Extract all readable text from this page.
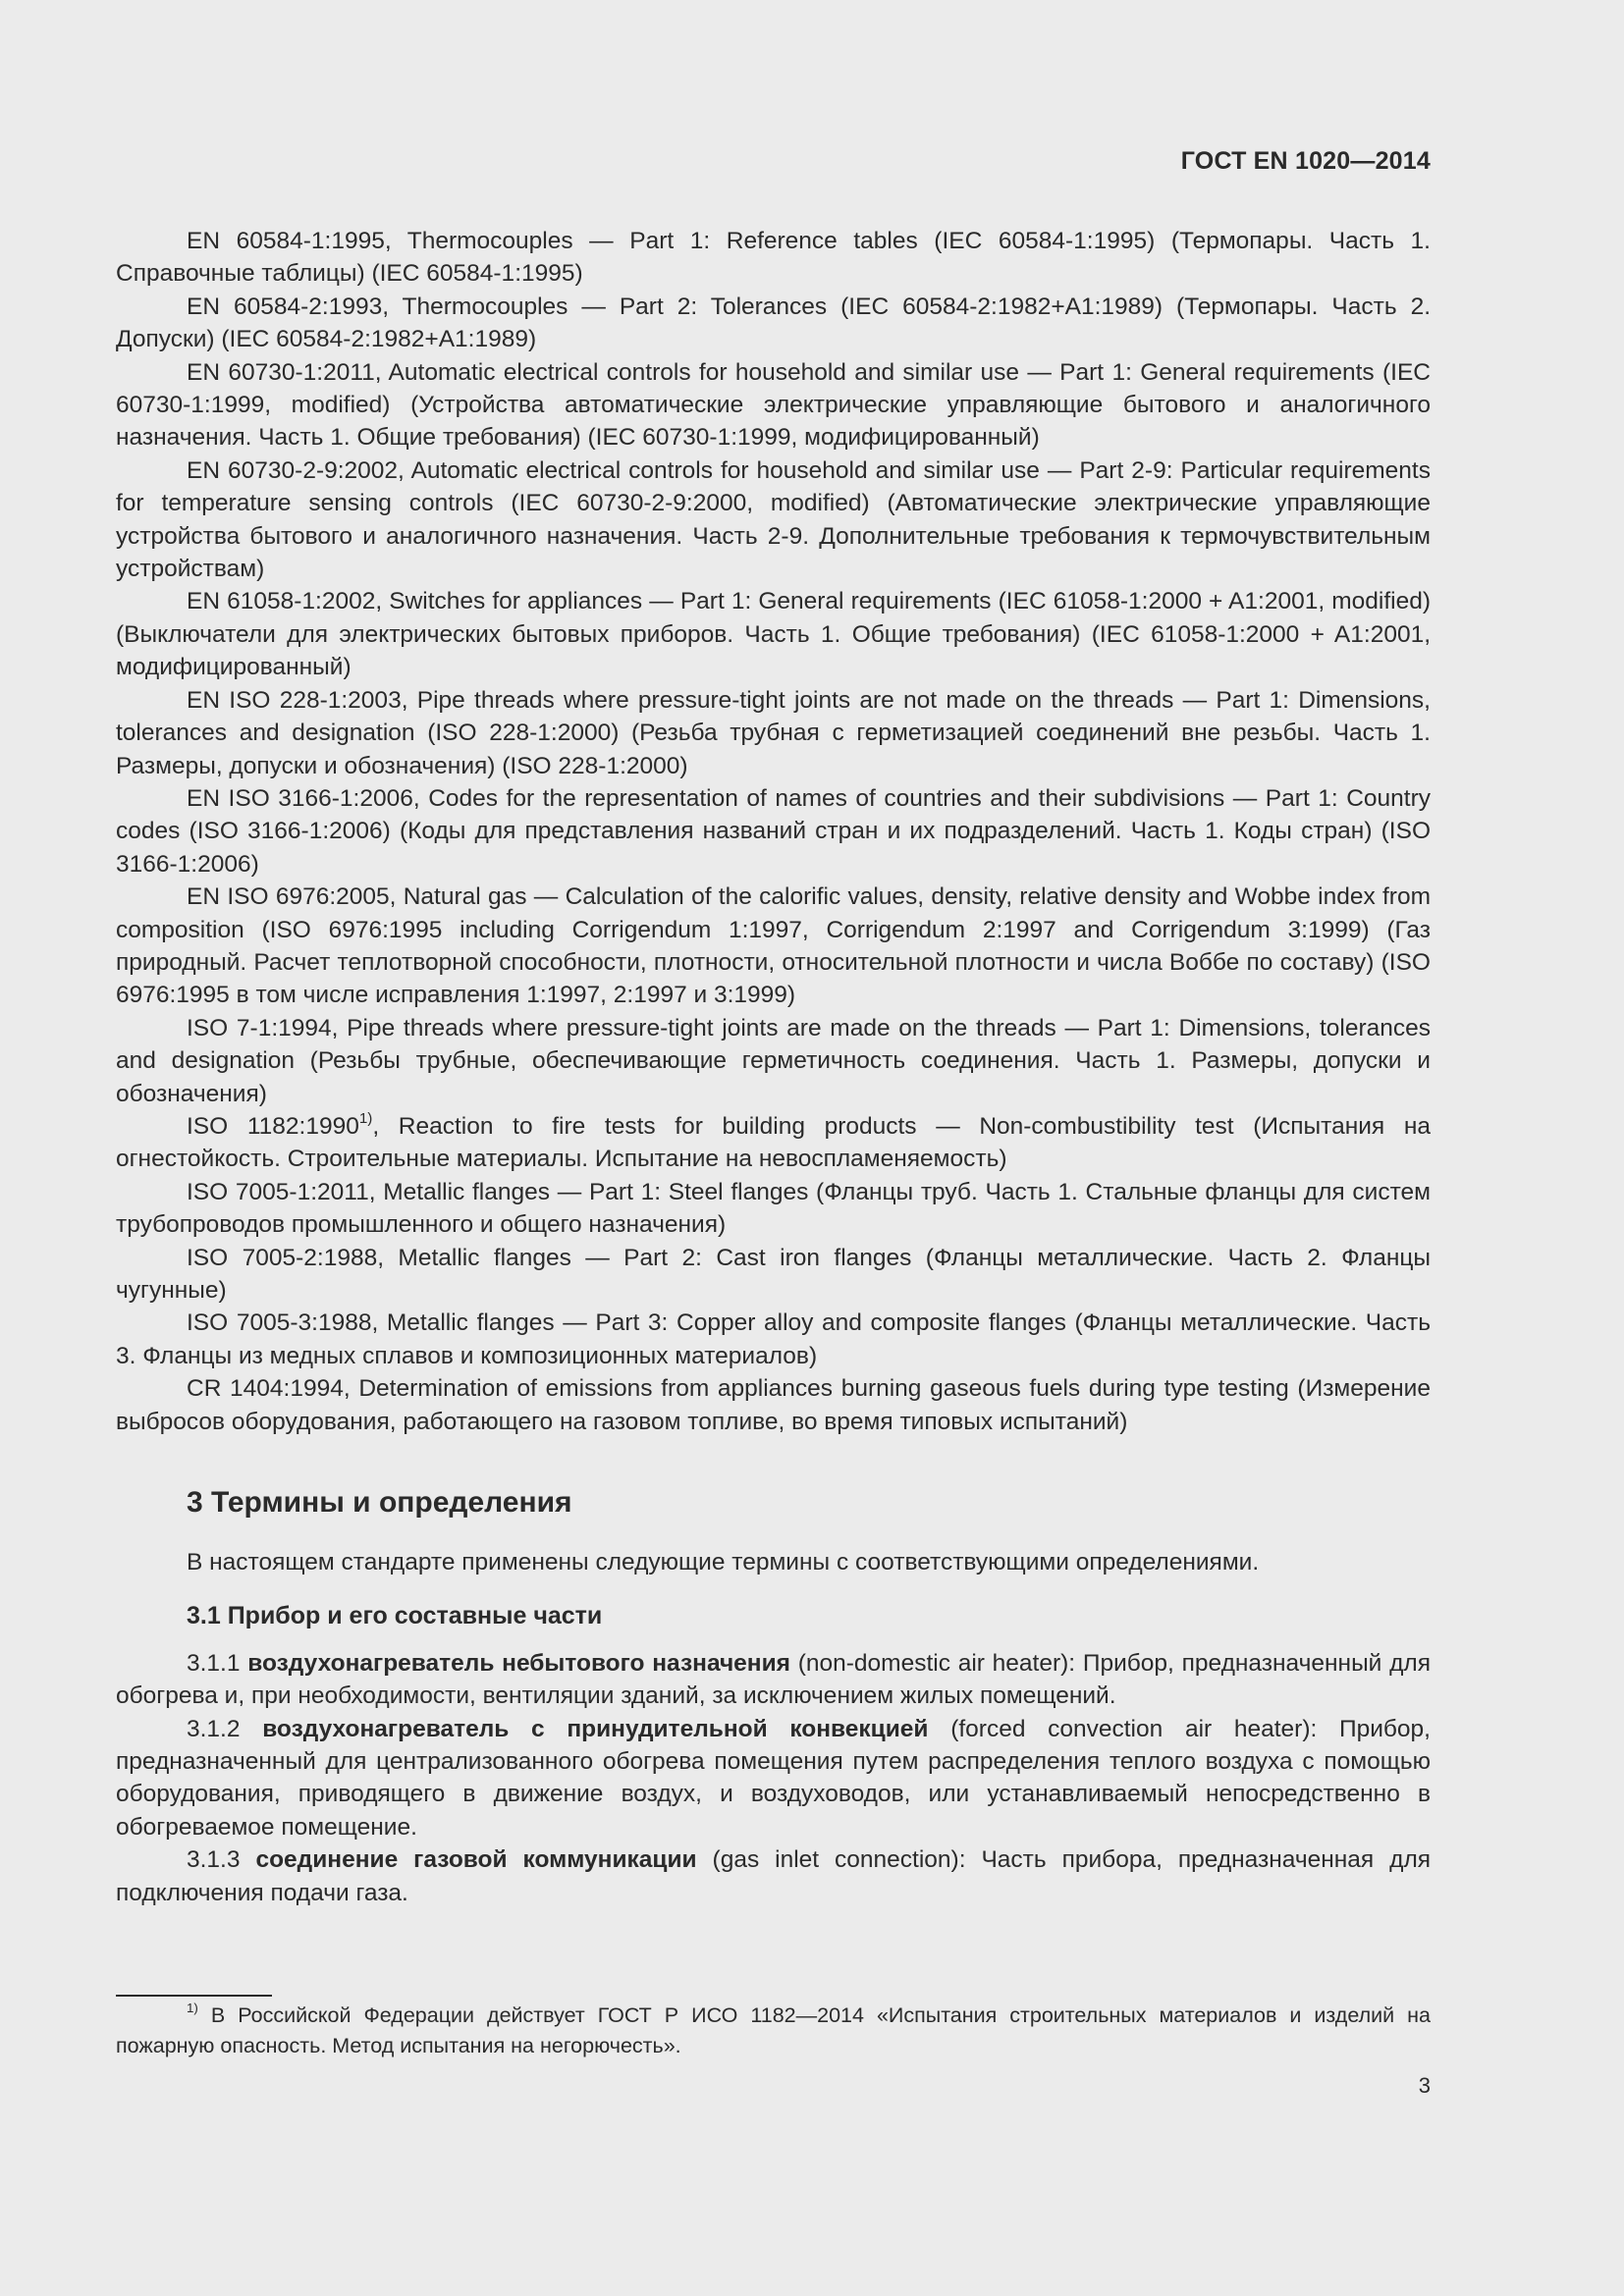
ГОСТ EN 1020—2014

EN 60584-1:1995, Thermocouples — Part 1: Reference tables (IEC 60584-1:1995) (Термопары. Часть 1. Справочные таблицы) (IEC 60584-1:1995)

EN 60584-2:1993, Thermocouples — Part 2: Tolerances (IEC 60584-2:1982+A1:1989) (Термопары. Часть 2. Допуски) (IEC 60584-2:1982+A1:1989)

EN 60730-1:2011, Automatic electrical controls for household and similar use — Part 1: General requirements (IEC 60730-1:1999, modified) (Устройства автоматические электрические управляющие бытового и аналогичного назначения. Часть 1. Общие требования) (IEC 60730-1:1999, модифицированный)

EN 60730-2-9:2002, Automatic electrical controls for household and similar use — Part 2-9: Particular requirements for temperature sensing controls (IEC 60730-2-9:2000, modified) (Автоматические электрические управляющие устройства бытового и аналогичного назначения. Часть 2-9. Дополнительные требования к термочувствительным устройствам)

EN 61058-1:2002, Switches for appliances — Part 1: General requirements (IEC 61058-1:2000 + A1:2001, modified) (Выключатели для электрических бытовых приборов. Часть 1. Общие требования) (IEC 61058-1:2000 + A1:2001, модифицированный)

EN ISO 228-1:2003, Pipe threads where pressure-tight joints are not made on the threads — Part 1: Dimensions, tolerances and designation (ISO 228-1:2000) (Резьба трубная с герметизацией соединений вне резьбы. Часть 1. Размеры, допуски и обозначения) (ISO 228-1:2000)

EN ISO 3166-1:2006, Codes for the representation of names of countries and their subdivisions — Part 1: Country codes (ISO 3166-1:2006) (Коды для представления названий стран и их подразделений. Часть 1. Коды стран) (ISO 3166-1:2006)

EN ISO 6976:2005, Natural gas — Calculation of the calorific values, density, relative density and Wobbe index from composition (ISO 6976:1995 including Corrigendum 1:1997, Corrigendum 2:1997 and Corrigendum 3:1999) (Газ природный. Расчет теплотворной способности, плотности, относительной плотности и числа Воббе по составу) (ISO 6976:1995 в том числе исправления 1:1997, 2:1997 и 3:1999)

ISO 7-1:1994, Pipe threads where pressure-tight joints are made on the threads — Part 1: Dimensions, tolerances and designation (Резьбы трубные, обеспечивающие герметичность соединения. Часть 1. Размеры, допуски и обозначения)

ISO 1182:1990$^{1)}$, Reaction to fire tests for building products — Non-combustibility test (Испытания на огнестойкость. Строительные материалы. Испытание на невоспламеняемость)

ISO 7005-1:2011, Metallic flanges — Part 1: Steel flanges (Фланцы труб. Часть 1. Стальные фланцы для систем трубопроводов промышленного и общего назначения)

ISO 7005-2:1988, Metallic flanges — Part 2: Cast iron flanges (Фланцы металлические. Часть 2. Фланцы чугунные)

ISO 7005-3:1988, Metallic flanges — Part 3: Copper alloy and composite flanges (Фланцы металлические. Часть 3. Фланцы из медных сплавов и композиционных материалов)

CR 1404:1994, Determination of emissions from appliances burning gaseous fuels during type testing (Измерение выбросов оборудования, работающего на газовом топливе, во время типовых испытаний)

3 Термины и определения
В настоящем стандарте применены следующие термины с соответствующими определениями.
3.1 Прибор и его составные части

3.1.1 воздухонагреватель небытового назначения (non-domestic air heater): Прибор, предназначенный для обогрева и, при необходимости, вентиляции зданий, за исключением жилых помещений.

3.1.2 воздухонагреватель с принудительной конвекцией (forced convection air heater): Прибор, предназначенный для централизованного обогрева помещения путем распределения теплого воздуха с помощью оборудования, приводящего в движение воздух, и воздуховодов, или устанавливаемый непосредственно в обогреваемое помещение.

3.1.3 соединение газовой коммуникации (gas inlet connection): Часть прибора, предназначенная для подключения подачи газа.

$^{1)}$ В Российской Федерации действует ГОСТ Р ИСО 1182—2014 «Испытания строительных материалов и изделий на пожарную опасность. Метод испытания на негорючесть».

3
